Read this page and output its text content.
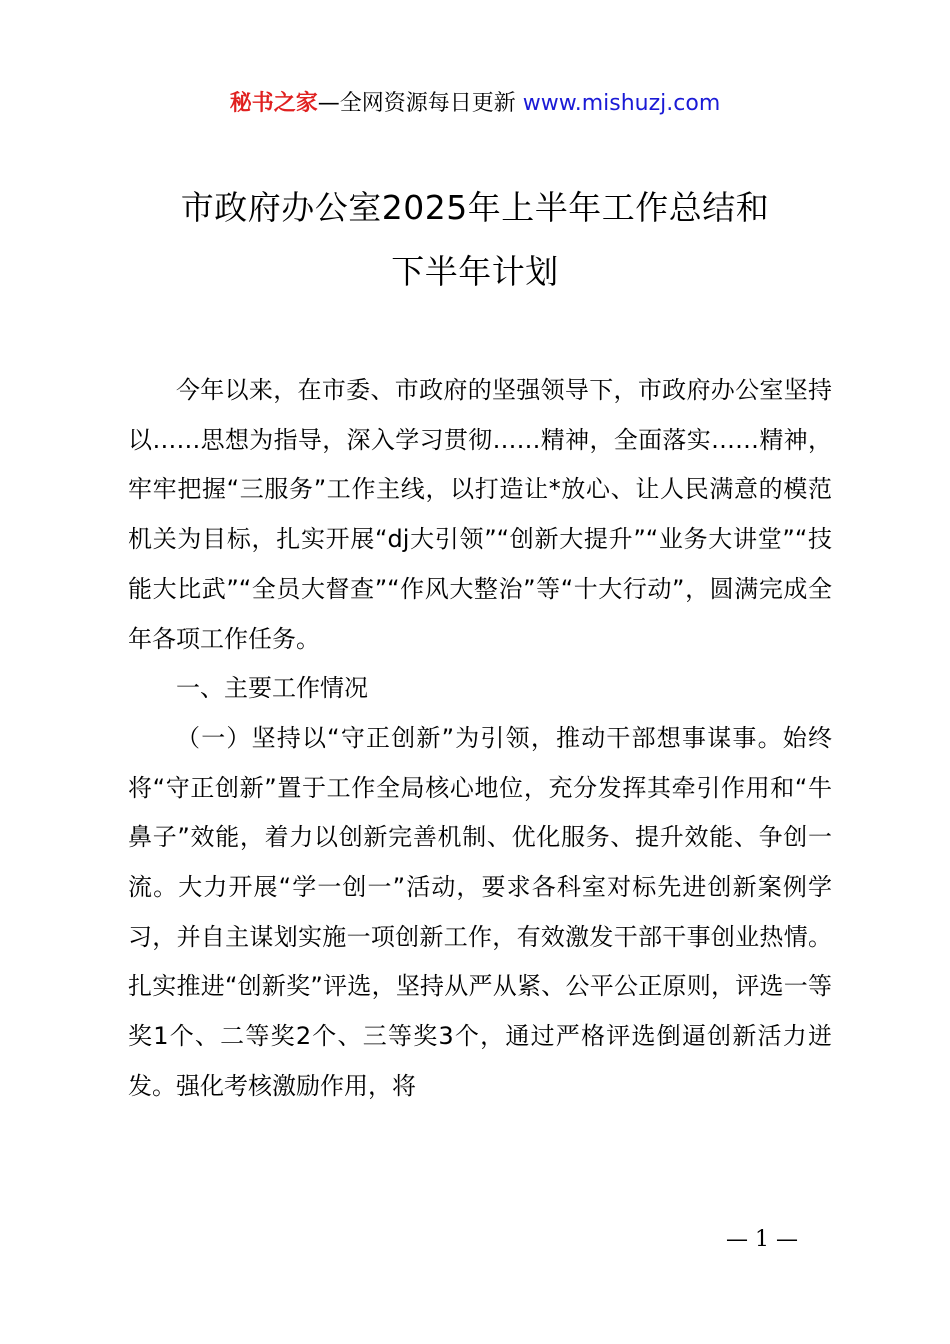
秘书之家—全网资源每日更新 www.mishuzj.com
市政府办公室2025年上半年工作总结和
下半年计划

今年以来，在市委、市政府的坚强领导下，市政府办公室坚持以……思想为指导，深入学习贯彻……精神，全面落实……精神，牢牢把握“三服务”工作主线，以打造让*放心、让人民满意的模范机关为目标，扎实开展“dj大引领”“创新大提升”“业务大讲堂”“技能大比武”“全员大督查”“作风大整治”等“十大行动”，圆满完成全年各项工作任务。

一、主要工作情况

（一）坚持以“守正创新”为引领，推动干部想事谋事。始终将“守正创新”置于工作全局核心地位，充分发挥其牵引作用和“牛鼻子”效能，着力以创新完善机制、优化服务、提升效能、争创一流。大力开展“学一创一”活动，要求各科室对标先进创新案例学习，并自主谋划实施一项创新工作，有效激发干部干事创业热情。扎实推进“创新奖”评选，坚持从严从紧、公平公正原则，评选一等奖1个、二等奖2个、三等奖3个，通过严格评选倒逼创新活力迸发。强化考核激励作用，将

— 1 —
